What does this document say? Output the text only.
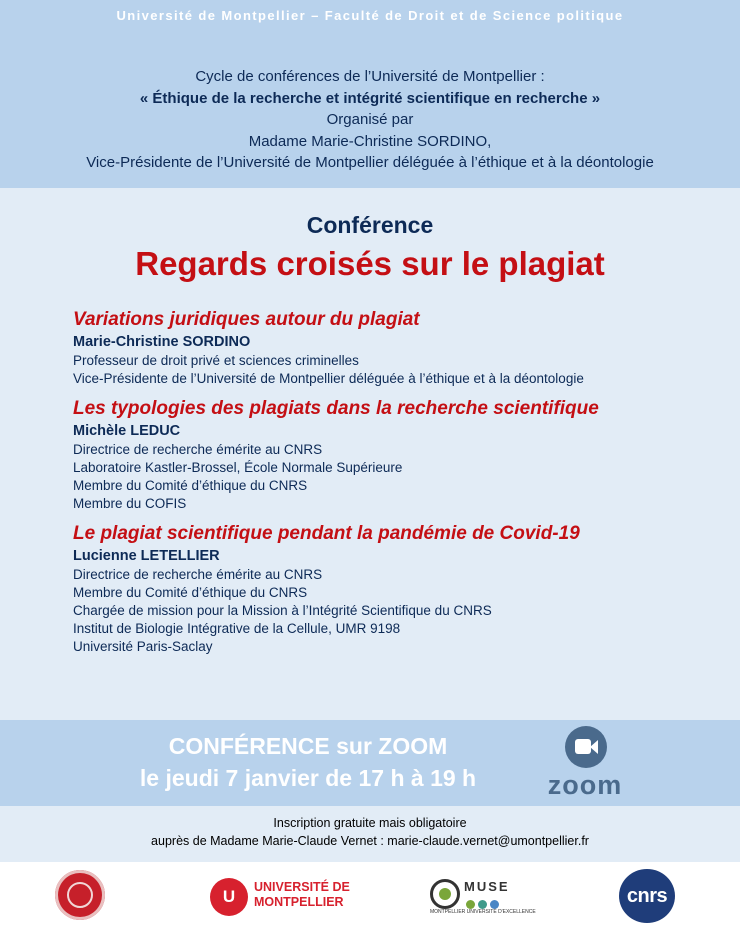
Université de Montpellier – Faculté de Droit et de Science politique
Cycle de conférences de l’Université de Montpellier :
« Éthique de la recherche et intégrité scientifique en recherche »
Organisé par
Madame Marie-Christine SORDINO,
Vice-Présidente de l’Université de Montpellier déléguée à l’éthique et à la déontologie
Conférence
Regards croisés sur le plagiat
Variations juridiques autour du plagiat
Marie-Christine SORDINO
Professeur de droit privé et sciences criminelles
Vice-Présidente de l’Université de Montpellier déléguée à l’éthique et à la déontologie
Les typologies des plagiats dans la recherche scientifique
Michèle LEDUC
Directrice de recherche émérite au CNRS
Laboratoire Kastler-Brossel, École Normale Supérieure
Membre du Comité d’éthique du CNRS
Membre du COFIS
Le plagiat scientifique pendant la pandémie de Covid-19
Lucienne LETELLIER
Directrice de recherche émérite au CNRS
Membre du Comité d’éthique du CNRS
Chargée de mission pour la Mission à l’Intégrité Scientifique du CNRS
Institut de Biologie Intégrative de la Cellule, UMR 9198
Université Paris-Saclay
CONFÉRENCE sur ZOOM
le jeudi 7 janvier de 17 h à 19 h	zoom
Inscription gratuite mais obligatoire
auprès de Madame Marie-Claude Vernet : marie-claude.vernet@umontpellier.fr
U	UNIVERSITÉ DE
MONTPELLIER
MUSE
MONTPELLIER UNIVERSITÉ D'EXCELLENCE
cnrs
